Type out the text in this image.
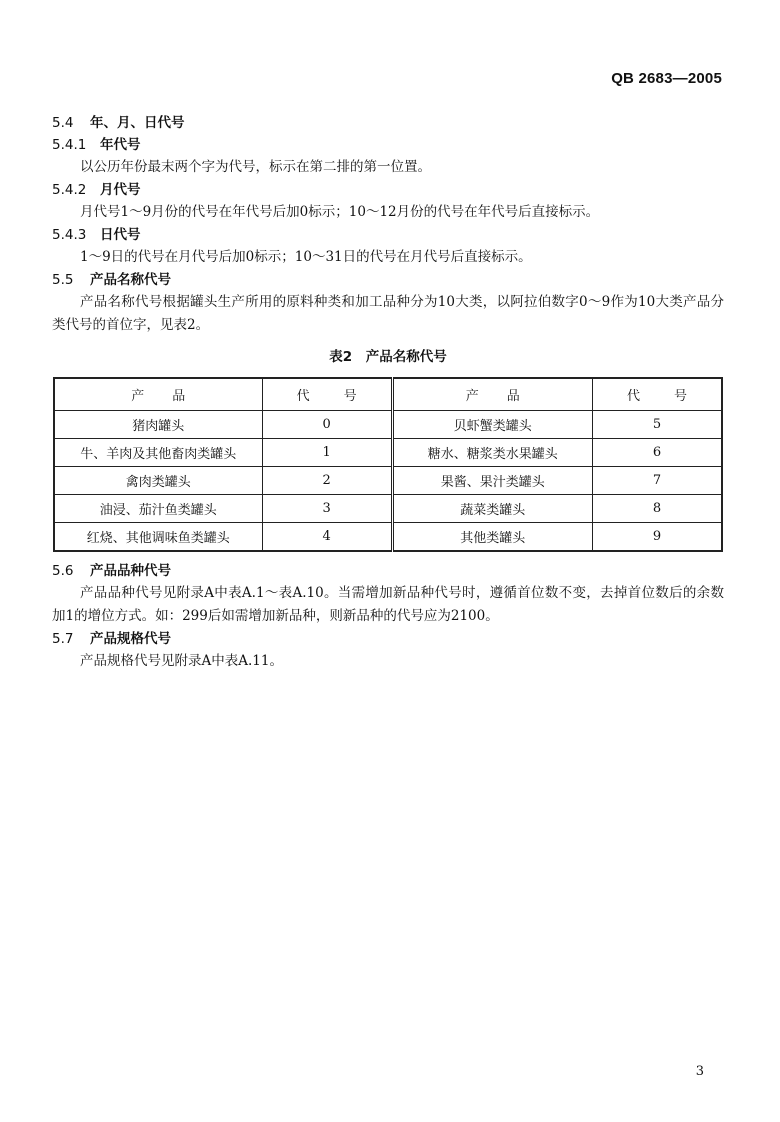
QB 2683—2005
5.4 年、月、日代号
5.4.1 年代号

以公历年份最末两个字为代号，标示在第二排的第一位置。

5.4.2 月代号

月代号1～9月份的代号在年代号后加0标示；10～12月份的代号在年代号后直接标示。

5.4.3 日代号

1～9日的代号在月代号后加0标示；10～31日的代号在月代号后直接标示。

5.5 产品名称代号

产品名称代号根据罐头生产所用的原料种类和加工品种分为10大类，以阿拉伯数字0～9作为10大类产品分类代号的首位字，见表2。

表2　产品名称代号
产品	代号	产品	代号
猪肉罐头	0	贝虾蟹类罐头	5
牛、羊肉及其他畜肉类罐头	1	糖水、糖浆类水果罐头	6
禽肉类罐头	2	果酱、果汁类罐头	7
油浸、茄汁鱼类罐头	3	蔬菜类罐头	8
红烧、其他调味鱼类罐头	4	其他类罐头	9
5.6 产品品种代号

产品品种代号见附录A中表A.1～表A.10。当需增加新品种代号时，遵循首位数不变，去掉首位数后的余数加1的增位方式。如：299后如需增加新品种，则新品种的代号应为2100。

5.7 产品规格代号

产品规格代号见附录A中表A.11。

3
